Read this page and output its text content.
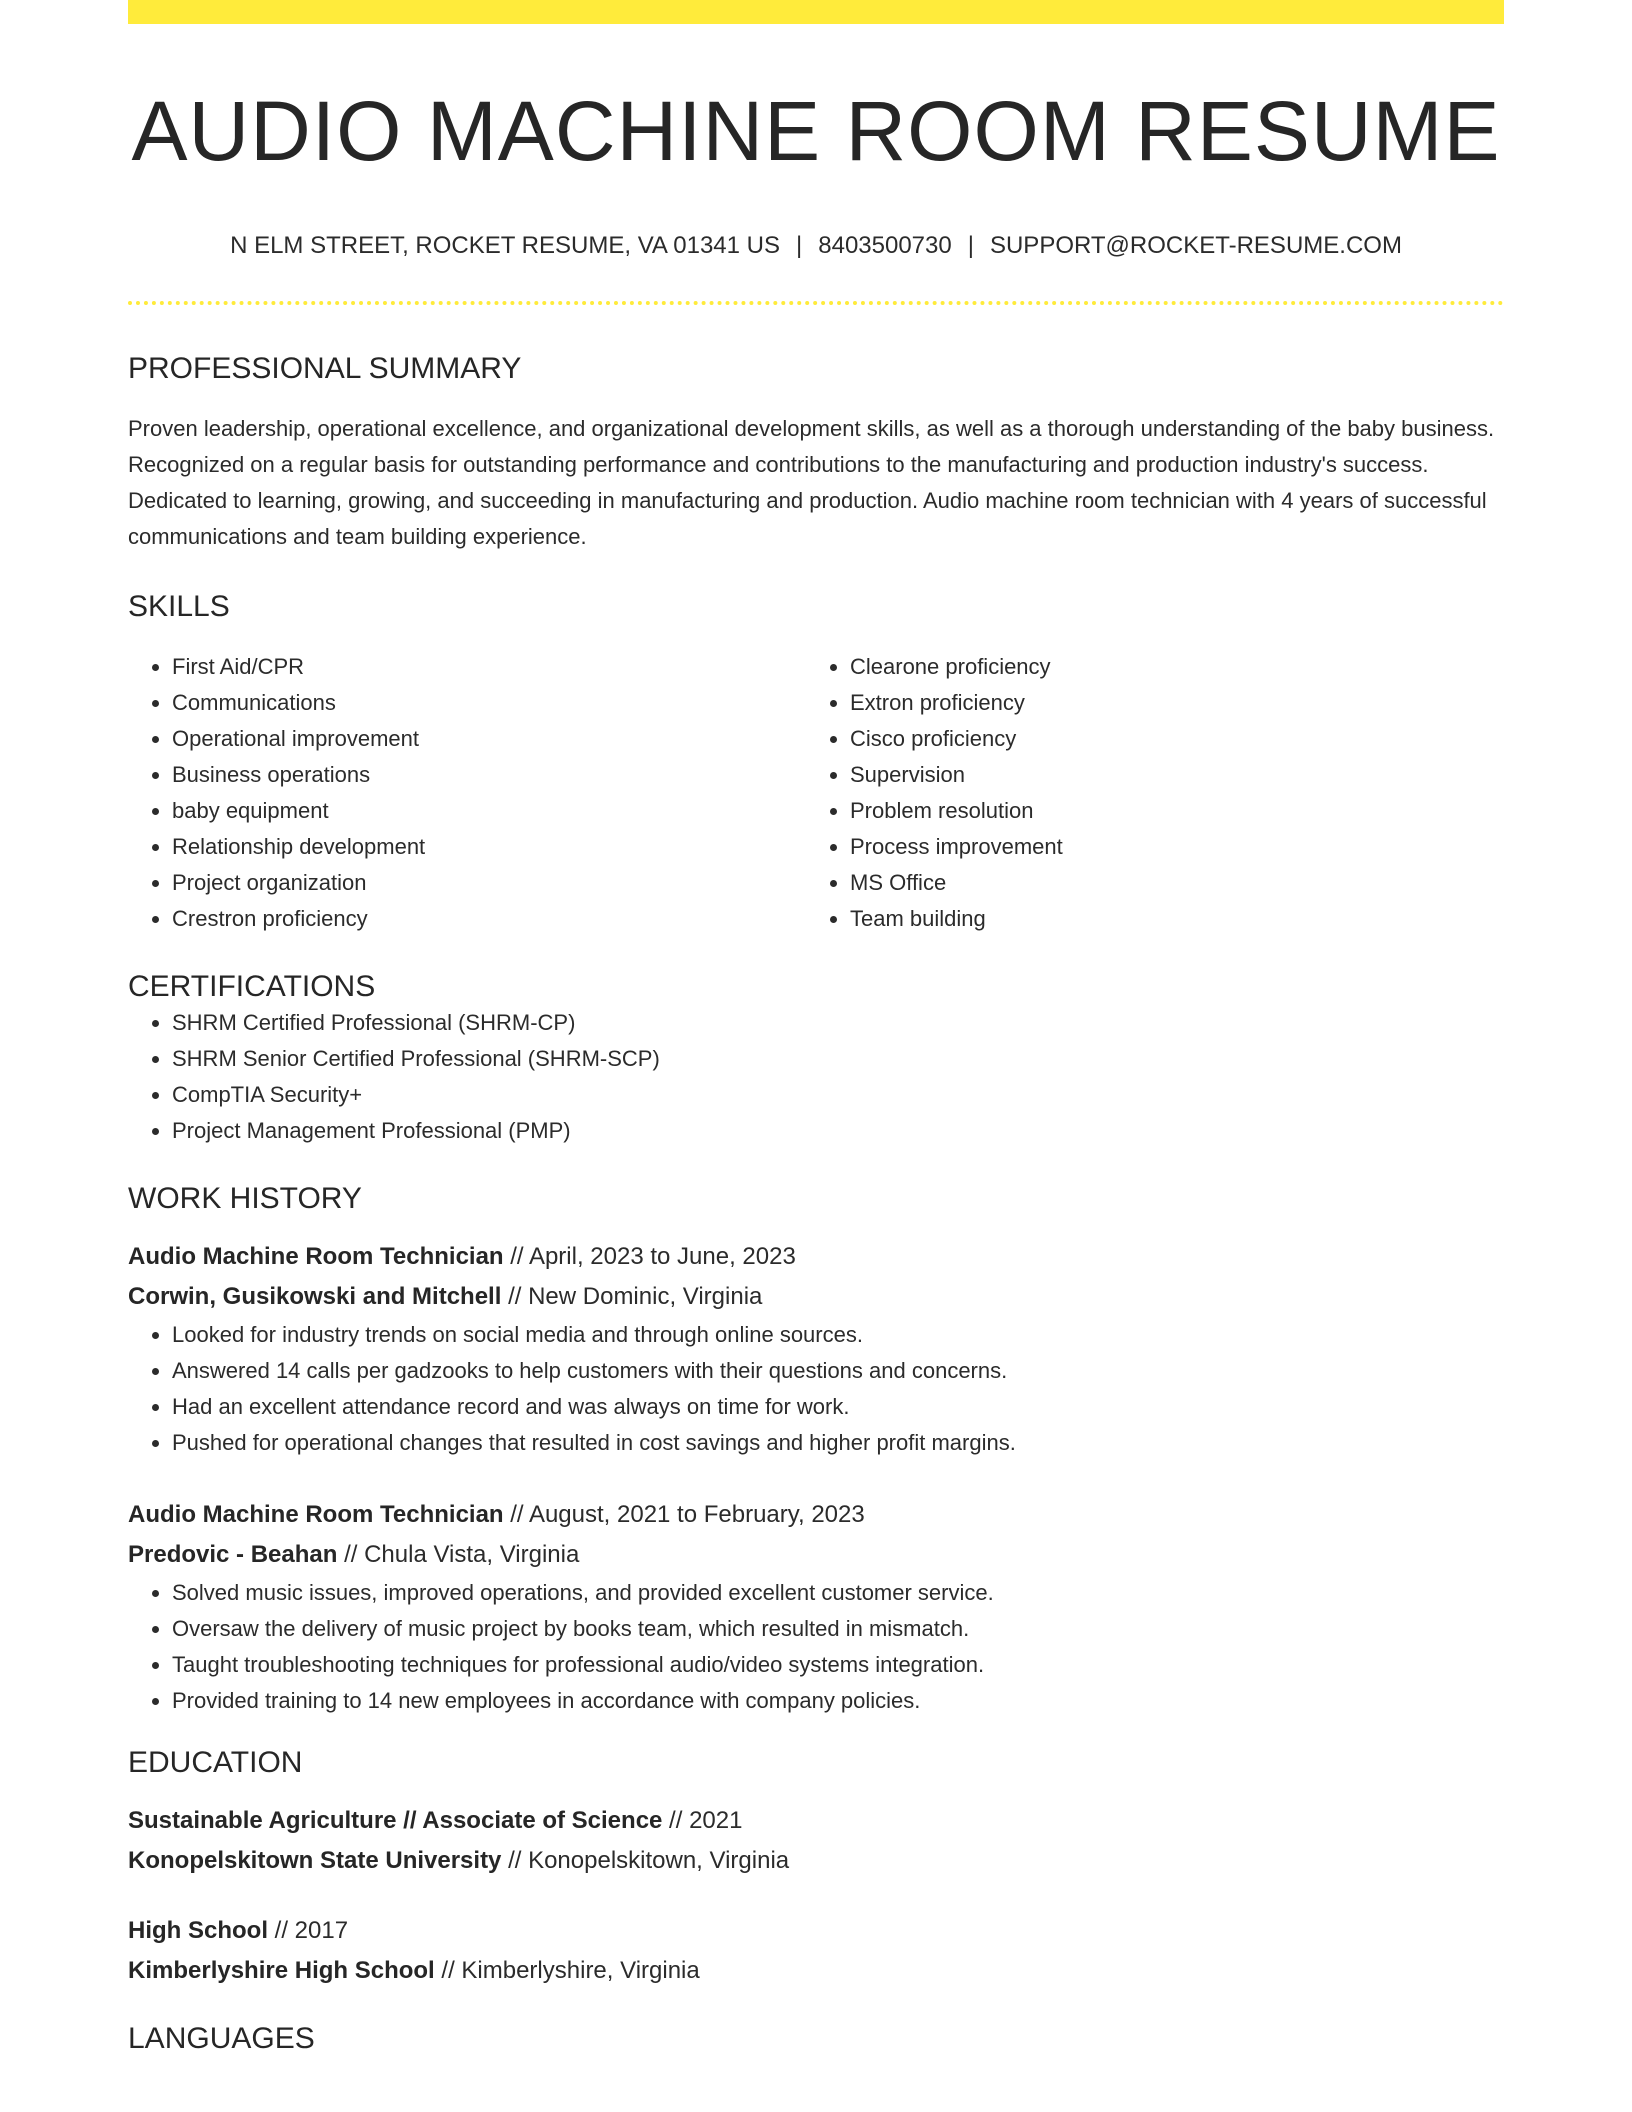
AUDIO MACHINE ROOM RESUME
N ELM STREET, ROCKET RESUME, VA 01341 US | 8403500730 | SUPPORT@ROCKET-RESUME.COM
PROFESSIONAL SUMMARY

Proven leadership, operational excellence, and organizational development skills, as well as a thorough understanding of the baby business. Recognized on a regular basis for outstanding performance and contributions to the manufacturing and production industry's success. Dedicated to learning, growing, and succeeding in manufacturing and production. Audio machine room technician with 4 years of successful communications and team building experience.

SKILLS
• First Aid/CPR
• Communications
• Operational improvement
• Business operations
• baby equipment
• Relationship development
• Project organization
• Crestron proficiency
• Clearone proficiency
• Extron proficiency
• Cisco proficiency
• Supervision
• Problem resolution
• Process improvement
• MS Office
• Team building
CERTIFICATIONS
• SHRM Certified Professional (SHRM-CP)
• SHRM Senior Certified Professional (SHRM-SCP)
• CompTIA Security+
• Project Management Professional (PMP)
WORK HISTORY
Audio Machine Room Technician // April, 2023 to June, 2023
Corwin, Gusikowski and Mitchell // New Dominic, Virginia
• Looked for industry trends on social media and through online sources.
• Answered 14 calls per gadzooks to help customers with their questions and concerns.
• Had an excellent attendance record and was always on time for work.
• Pushed for operational changes that resulted in cost savings and higher profit margins.
Audio Machine Room Technician // August, 2021 to February, 2023
Predovic - Beahan // Chula Vista, Virginia
• Solved music issues, improved operations, and provided excellent customer service.
• Oversaw the delivery of music project by books team, which resulted in mismatch.
• Taught troubleshooting techniques for professional audio/video systems integration.
• Provided training to 14 new employees in accordance with company policies.
EDUCATION
Sustainable Agriculture // Associate of Science // 2021
Konopelskitown State University // Konopelskitown, Virginia
High School // 2017
Kimberlyshire High School // Kimberlyshire, Virginia
LANGUAGES
